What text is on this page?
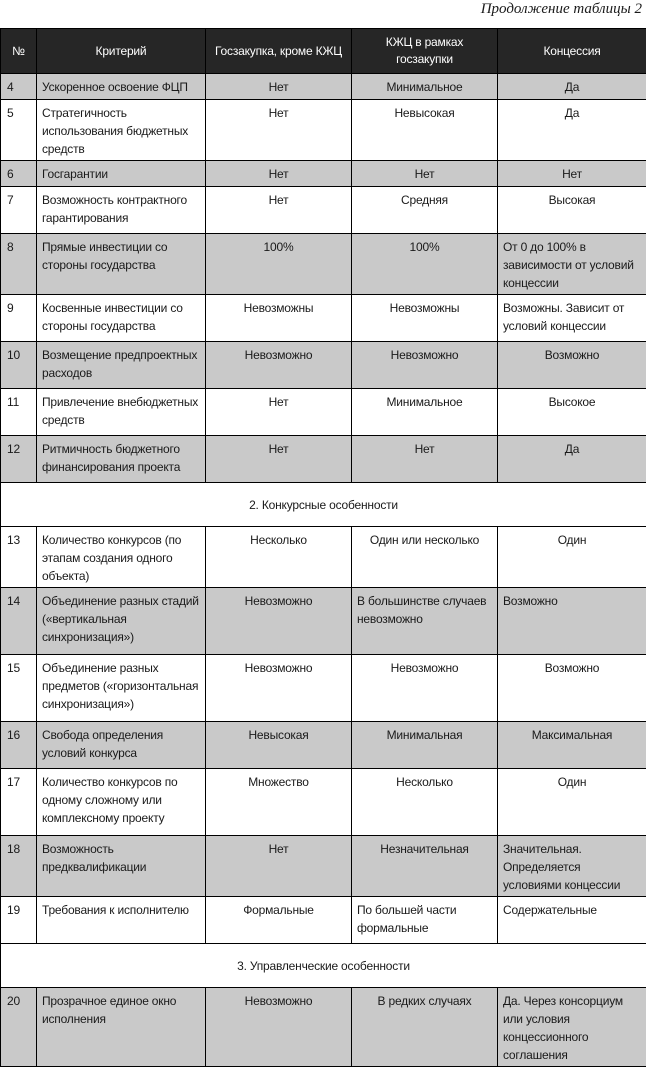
Продолжение таблицы 2
№	Критерий	Госзакупка, кроме КЖЦ	КЖЦ в рамках госзакупки	Концессия
4	Ускоренное освоение ФЦП	Нет	Минимальное	Да
5	Стратегичность использования бюджетных средств	Нет	Невысокая	Да
6	Госгарантии	Нет	Нет	Нет
7	Возможность контрактного гарантирования	Нет	Средняя	Высокая
8	Прямые инвестиции со стороны государства	100%	100%	От 0 до 100% в зависимости от условий концессии
9	Косвенные инвестиции со стороны государства	Невозможны	Невозможны	Возможны. Зависит от условий концессии
10	Возмещение предпроектных расходов	Невозможно	Невозможно	Возможно
11	Привлечение внебюджетных средств	Нет	Минимальное	Высокое
12	Ритмичность бюджетного финансирования проекта	Нет	Нет	Да
2. Конкурсные особенности				
13	Количество конкурсов (по этапам создания одного объекта)	Несколько	Один или несколько	Один
14	Объединение разных стадий («вертикальная синхронизация»)	Невозможно	В большинстве случаев невозможно	Возможно
15	Объединение разных предметов («горизонтальная синхронизация»)	Невозможно	Невозможно	Возможно
16	Свобода определения условий конкурса	Невысокая	Минимальная	Максимальная
17	Количество конкурсов по одному сложному или комплексному проекту	Множество	Несколько	Один
18	Возможность предквалификации	Нет	Незначительная	Значительная. Определяется условиями концессии
19	Требования к исполнителю	Формальные	По большей части формальные	Содержательные
3. Управленческие особенности				
20	Прозрачное единое окно исполнения	Невозможно	В редких случаях	Да. Через консорциум или условия концессионного соглашения
